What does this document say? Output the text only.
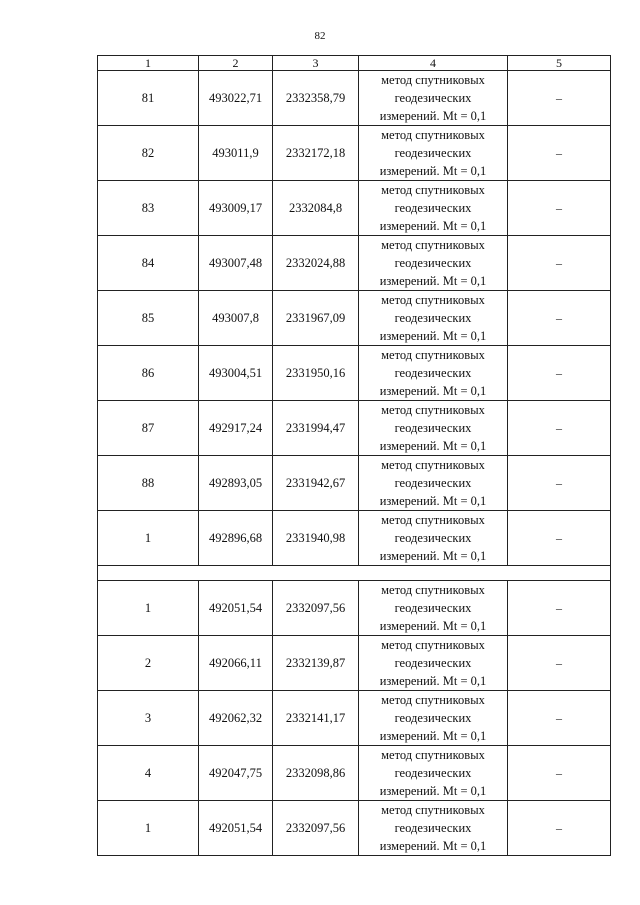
82
1	2	3	4	5
81	493022,71	2332358,79	метод спутниковых
геодезических
измерений. Mt = 0,1	–
82	493011,9	2332172,18	метод спутниковых
геодезических
измерений. Mt = 0,1	–
83	493009,17	2332084,8	метод спутниковых
геодезических
измерений. Mt = 0,1	–
84	493007,48	2332024,88	метод спутниковых
геодезических
измерений. Mt = 0,1	–
85	493007,8	2331967,09	метод спутниковых
геодезических
измерений. Mt = 0,1	–
86	493004,51	2331950,16	метод спутниковых
геодезических
измерений. Mt = 0,1	–
87	492917,24	2331994,47	метод спутниковых
геодезических
измерений. Mt = 0,1	–
88	492893,05	2331942,67	метод спутниковых
геодезических
измерений. Mt = 0,1	–
1	492896,68	2331940,98	метод спутниковых
геодезических
измерений. Mt = 0,1	–

1	492051,54	2332097,56	метод спутниковых
геодезических
измерений. Mt = 0,1	–
2	492066,11	2332139,87	метод спутниковых
геодезических
измерений. Mt = 0,1	–
3	492062,32	2332141,17	метод спутниковых
геодезических
измерений. Mt = 0,1	–
4	492047,75	2332098,86	метод спутниковых
геодезических
измерений. Mt = 0,1	–
1	492051,54	2332097,56	метод спутниковых
геодезических
измерений. Mt = 0,1	–
